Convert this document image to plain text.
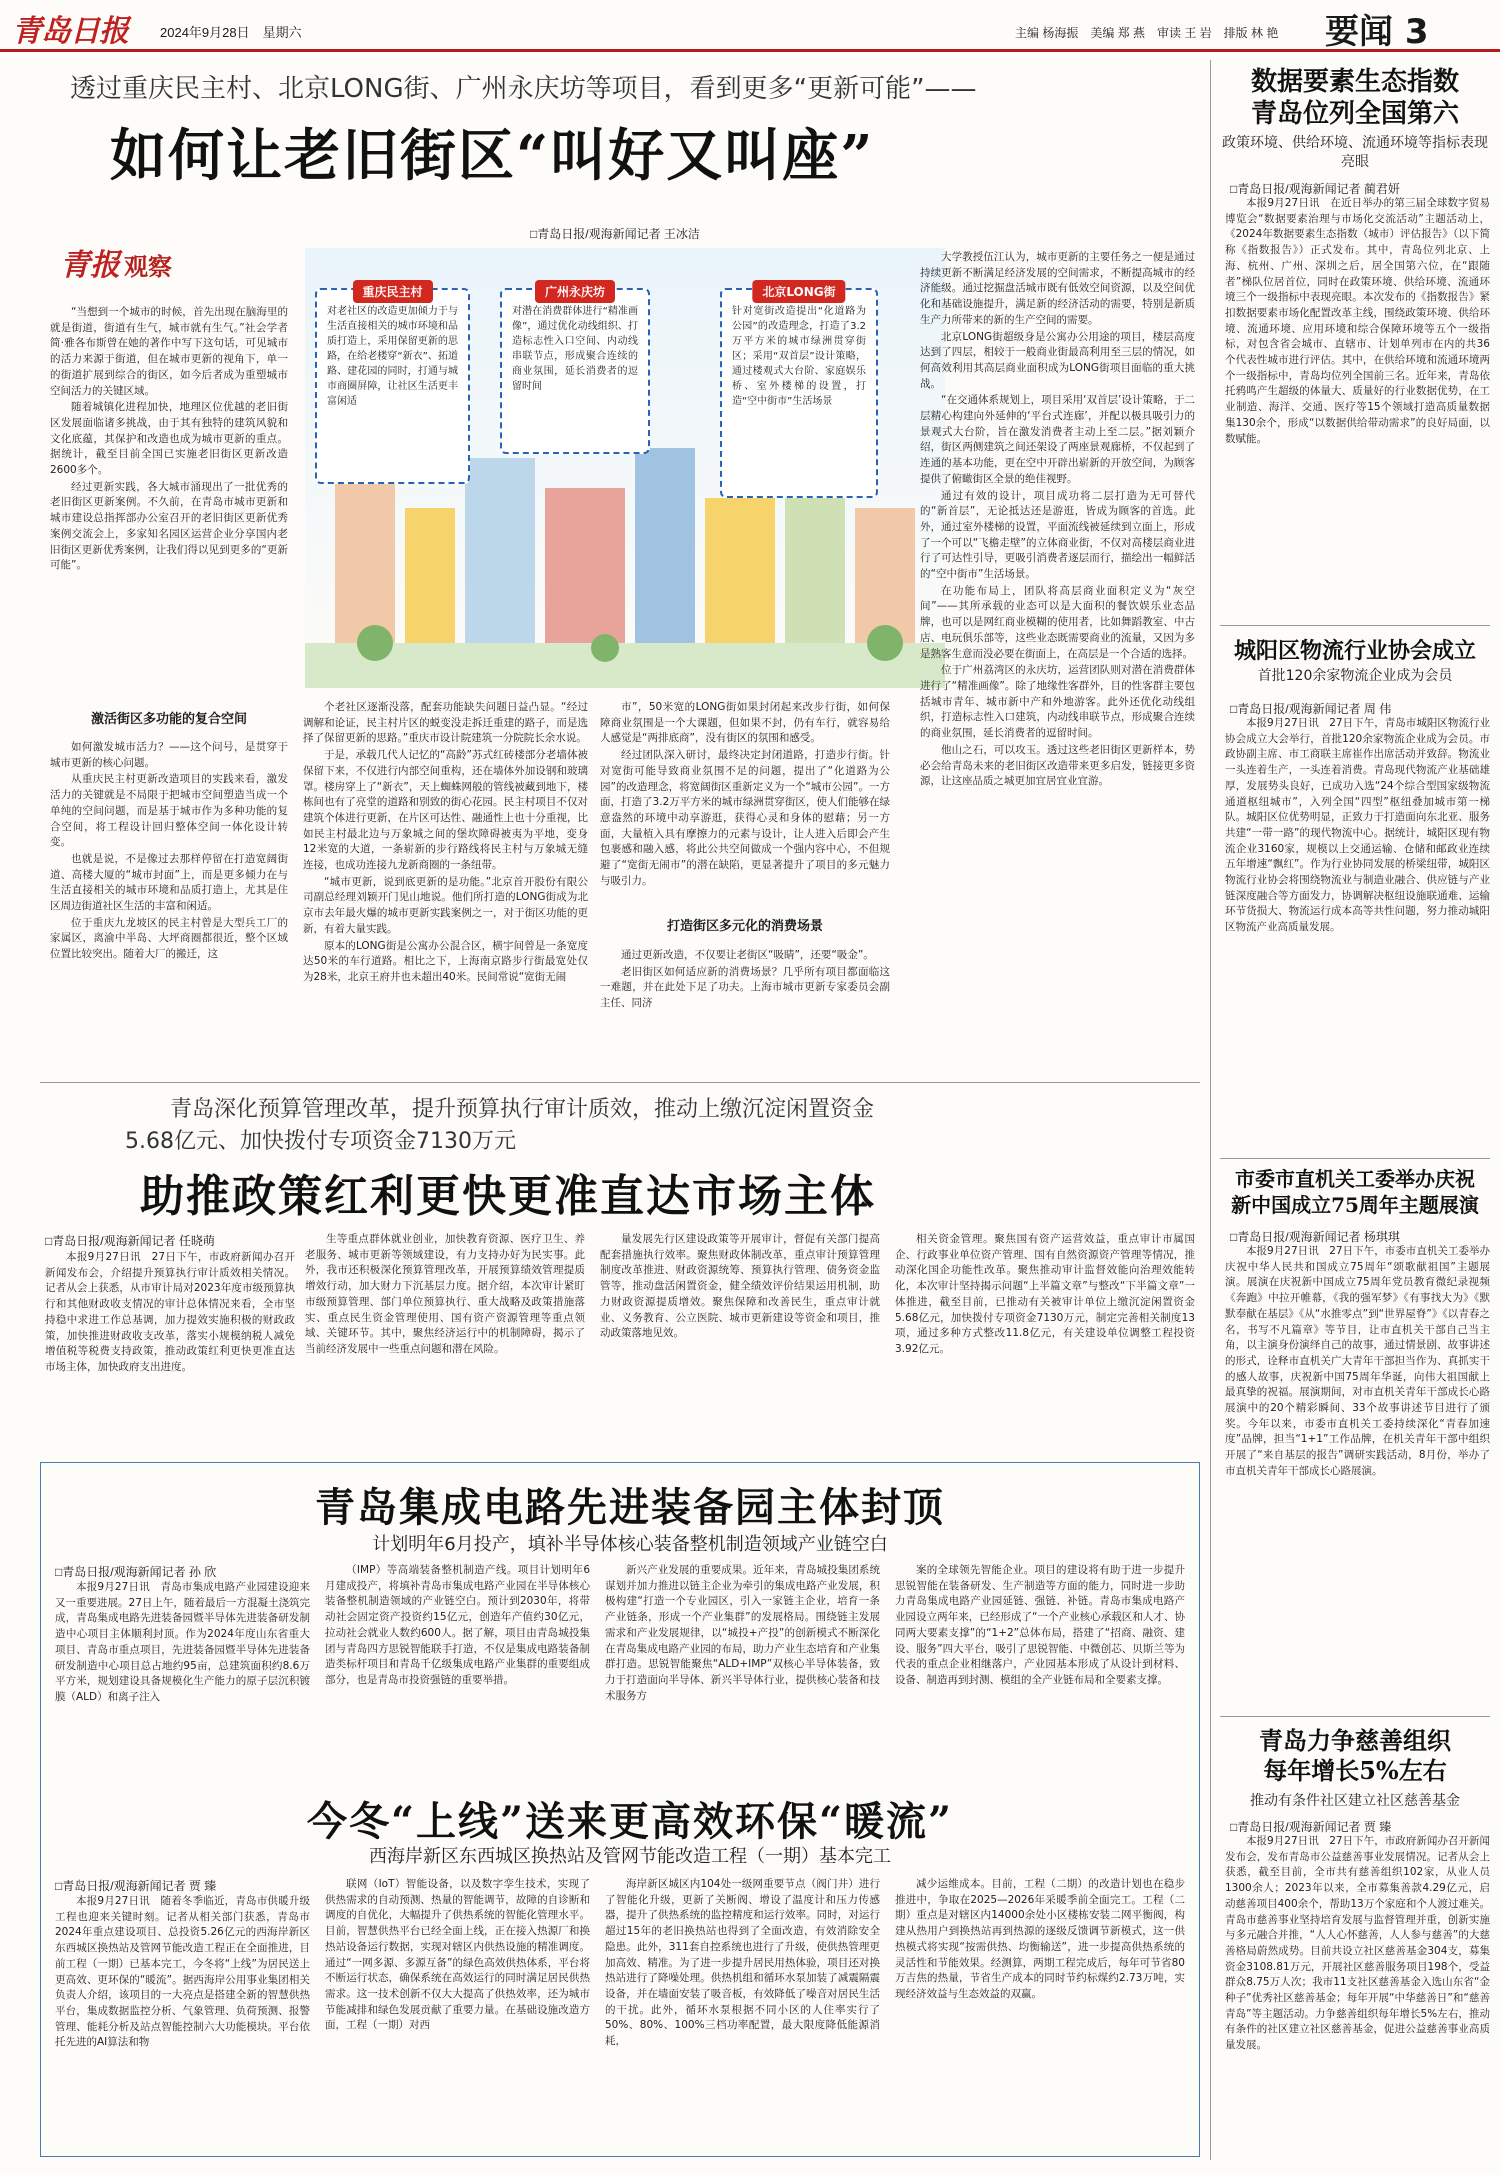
青岛日报 2024年9月28日　星期六	主编 杨海振　美编 郑 燕　审读 王 岩　排版 林 艳 要闻 3
透过重庆民主村、北京LONG街、广州永庆坊等项目，看到更多“更新可能”——
如何让老旧街区“叫好又叫座”
□青岛日报/观海新闻记者 王冰洁
青报 观察
重庆民主村
对老社区的改造更加倾力于与生活直接相关的城市环境和品质打造上，采用保留更新的思路，在给老楼穿“新衣”、拓道路、建花园的同时，打通与城市商圈屏障，让社区生活更丰富闲适
广州永庆坊
对潜在消费群体进行“精准画像”，通过优化动线组织、打造标志性入口空间、内动线串联节点，形成聚合连续的商业氛围，延长消费者的逗留时间
北京LONG街
针对宽街改造提出“化道路为公园”的改造理念，打造了3.2万平方米的城市绿洲贯穿街区；采用“双首层”设计策略，通过楼观式大台阶、家庭娱乐桥、室外楼梯的设置，打造“空中街市”生活场景

“当想到一个城市的时候，首先出现在脑海里的就是街道，街道有生气，城市就有生气。”社会学者简·雅各布斯曾在她的著作中写下这句话，可见城市的活力来源于街道，但在城市更新的视角下，单一的街道扩展到综合的街区，如今后者成为重塑城市空间活力的关键区域。

随着城镇化进程加快，地理区位优越的老旧街区发展面临诸多挑战，由于其有独特的建筑风貌和文化底蕴，其保护和改造也成为城市更新的重点。据统计，截至目前全国已实施老旧街区更新改造2600多个。

经过更新实践，各大城市涌现出了一批优秀的老旧街区更新案例。不久前，在青岛市城市更新和城市建设总指挥部办公室召开的老旧街区更新优秀案例交流会上，多家知名园区运营企业分享国内老旧街区更新优秀案例，让我们得以见到更多的“更新可能”。

激活街区多功能的复合空间

如何激发城市活力？——这个问号，是贯穿于城市更新的核心问题。

从重庆民主村更新改造项目的实践来看，激发活力的关键就是不局限于把城市空间塑造当成一个单纯的空间问题，而是基于城市作为多种功能的复合空间，将工程设计回归整体空间一体化设计转变。

也就是说，不是像过去那样停留在打造宽阔街道、高楼大厦的“城市封面”上，而是更多倾力在与生活直接相关的城市环境和品质打造上，尤其是住区周边街道社区生活的丰富和闲适。

位于重庆九龙坡区的民主村曾是大型兵工厂的家属区，离渝中半岛、大坪商圈都很近，整个区域位置比较突出。随着大厂的搬迁，这

个老社区逐渐没落，配套功能缺失问题日益凸显。“经过调解和论证，民主村片区的蜕变没走拆迁重建的路子，而是选择了保留更新的思路。”重庆市设计院建筑一分院院长余水说。

于是，承载几代人记忆的“高龄”苏式红砖楼部分老墙体被保留下来，不仅进行内部空间重构，还在墙体外加设钢和玻璃罩。楼房穿上了“新衣”，天上蜘蛛网般的管线被藏到地下，楼栋间也有了亮堂的道路和别致的街心花园。民主村项目不仅对建筑个体进行更新，在片区可达性、融通性上也十分重视，比如民主村最北边与万象城之间的堡坎障碍被夷为平地，变身12米宽的大道，一条崭新的步行路线将民主村与万象城无缝连接，也成功连接九龙新商圈的一条纽带。

“城市更新，说到底更新的是功能。”北京首开股份有限公司副总经理刘颖开门见山地说。他们所打造的LONG街成为北京市去年最火爆的城市更新实践案例之一，对于街区功能的更新，有着大量实践。

原本的LONG街是公寓办公混合区，横宇间曾是一条宽度达50米的车行道路。相比之下，上海南京路步行街最宽处仅为28米，北京王府井也未超出40米。民间常说“宽街无闹

市”，50米宽的LONG街如果封闭起来改步行街，如何保障商业氛围是一个大课题，但如果不封，仍有车行，就容易给人感觉是“两排底商”，没有街区的氛围和感受。

经过团队深入研讨，最终决定封闭道路，打造步行街。针对宽街可能导致商业氛围不足的问题，提出了“化道路为公园”的改造理念，将宽阔街区重新定义为一个“城市公园”。一方面，打造了3.2万平方米的城市绿洲贯穿街区，使人们能够在绿意盎然的环境中动享游逛，获得心灵和身体的慰藉；另一方面，大量植入具有摩擦力的元素与设计，让人进入后即会产生包裹感和融入感，将此公共空间做成一个强内容中心，不但规避了“宽街无闹市”的潜在缺陷，更显著提升了项目的多元魅力与吸引力。

打造街区多元化的消费场景

通过更新改造，不仅要让老街区“吸睛”，还要“吸金”。

老旧街区如何适应新的消费场景？几乎所有项目都面临这一难题，并在此处下足了功夫。上海市城市更新专家委员会副主任、同济

大学教授伍江认为，城市更新的主要任务之一便是通过持续更新不断满足经济发展的空间需求，不断提高城市的经济能级。通过挖掘盘活城市既有低效空间资源，以及空间优化和基础设施提升，满足新的经济活动的需要，特别是新质生产力所带来的新的生产空间的需要。

北京LONG街超级身是公寓办公用途的项目，楼层高度达到了四层，相较于一般商业街最高利用至三层的情况，如何高效利用其高层商业面积成为LONG街项目面临的重大挑战。

“在交通体系规划上，项目采用‘双首层’设计策略，于二层精心构建向外延伸的‘平台式连廊’，并配以极具吸引力的景观式大台阶，旨在激发消费者主动上至二层。”据刘颖介绍，街区两侧建筑之间还架设了两座景观廊桥，不仅起到了连通的基本功能，更在空中开辟出崭新的开放空间，为顾客提供了俯瞰街区全景的绝佳视野。

通过有效的设计，项目成功将二层打造为无可替代的“新首层”，无论抵达还是游逛，皆成为顾客的首选。此外，通过室外楼梯的设置，平面流线被延续到立面上，形成了一个可以“飞檐走壁”的立体商业街，不仅对高楼层商业进行了可达性引导，更吸引消费者逐层而行，描绘出一幅鲜活的“空中街市”生活场景。

在功能布局上，团队将高层商业面积定义为“灰空间”——其所承载的业态可以是大面积的餐饮娱乐业态品牌，也可以是网红商业模糊的使用者，比如舞蹈教室、中古店、电玩俱乐部等，这些业态既需要商业的流量，又因为多是熟客生意而没必要在街面上，在高层是一个合适的选择。

位于广州荔湾区的永庆坊，运营团队则对潜在消费群体进行了“精准画像”。除了地缘性客群外，目的性客群主要包括城市青年、城市新中产和外地游客。此外还优化动线组织，打造标志性入口建筑，内动线串联节点，形成聚合连续的商业氛围，延长消费者的逗留时间。

他山之石，可以攻玉。透过这些老旧街区更新样本，势必会给青岛未来的老旧街区改造带来更多启发，链接更多资源，让这座品质之城更加宜居宜业宜游。

青岛深化预算管理改革，提升预算执行审计质效，推动上缴沉淀闲置资金
5.68亿元、加快拨付专项资金7130万元
助推政策红利更快更准直达市场主体
□青岛日报/观海新闻记者 任晓萌

本报9月27日讯　27日下午，市政府新闻办召开新闻发布会，介绍提升预算执行审计质效相关情况。记者从会上获悉，从市审计局对2023年度市级预算执行和其他财政收支情况的审计总体情况来看，全市坚持稳中求进工作总基调，加力提效实施积极的财政政策，加快推进财政收支改革，落实小规模纳税人减免增值税等税费支持政策，推动政策红利更快更准直达市场主体，加快政府支出进度。

生等重点群体就业创业，加快教育资源、医疗卫生、养老服务、城市更新等领域建设，有力支持办好为民实事。此外，我市还积极深化预算管理改革，开展预算绩效管理提质增效行动，加大财力下沉基层力度。据介绍，本次审计紧盯市级预算管理、部门单位预算执行、重大战略及政策措施落实、重点民生资金管理使用、国有资产资源管理等重点领域、关键环节。其中，聚焦经济运行中的机制障碍，揭示了当前经济发展中一些重点问题和潜在风险。

量发展先行区建设政策等开展审计，督促有关部门提高配套措施执行效率。聚焦财政体制改革，重点审计预算管理制度改革推进、财政资源统筹、预算执行管理、债务资金监管等，推动盘活闲置资金，健全绩效评价结果运用机制，助力财政资源提质增效。聚焦保障和改善民生，重点审计就业、义务教育、公立医院、城市更新建设等资金和项目，推动政策落地见效。

相关资金管理。聚焦国有资产运营效益，重点审计市属国企、行政事业单位资产管理、国有自然资源资产管理等情况，推动深化国企功能性改革。聚焦推动审计监督效能向治理效能转化，本次审计坚持揭示问题“上半篇文章”与整改“下半篇文章”一体推进，截至目前，已推动有关被审计单位上缴沉淀闲置资金5.68亿元，加快拨付专项资金7130万元，制定完善相关制度13项，通过多种方式整改11.8亿元，有关建设单位调整工程投资3.92亿元。

青岛集成电路先进装备园主体封顶
计划明年6月投产，填补半导体核心装备整机制造领域产业链空白
□青岛日报/观海新闻记者 孙 欣

本报9月27日讯　青岛市集成电路产业园建设迎来又一重要进展。27日上午，随着最后一方混凝土浇筑完成，青岛集成电路先进装备园暨半导体先进装备研发制造中心项目主体顺利封顶。作为2024年度山东省重大项目、青岛市重点项目，先进装备园暨半导体先进装备研发制造中心项目总占地约95亩，总建筑面积约8.6万平方米，规划建设具备规模化生产能力的原子层沉积镀膜（ALD）和离子注入

（IMP）等高端装备整机制造产线。项目计划明年6月建成投产，将填补青岛市集成电路产业园在半导体核心装备整机制造领域的产业链空白。预计到2030年，将带动社会固定资产投资约15亿元，创造年产值约30亿元，拉动社会就业人数约600人。据了解，项目由青岛城投集团与青岛四方思锐智能联手打造，不仅是集成电路装备制造类标杆项目和青岛千亿级集成电路产业集群的重要组成部分，也是青岛市投资强链的重要举措。

新兴产业发展的重要成果。近年来，青岛城投集团系统谋划并加力推进以链主企业为牵引的集成电路产业发展，积极构建“打造一个专业园区，引入一家链主企业，培育一条产业链条，形成一个产业集群”的发展格局。围绕链主发展需求和产业发展规律，以“城投+产投”的创新模式不断深化在青岛集成电路产业园的布局，助力产业生态培育和产业集群打造。思锐智能聚焦“ALD+IMP”双核心半导体装备，致力于打造面向半导体、新兴半导体行业，提供核心装备和技术服务方

案的全球领先智能企业。项目的建设将有助于进一步提升思锐智能在装备研发、生产制造等方面的能力，同时进一步助力青岛集成电路产业园延链、强链、补链。青岛市集成电路产业园设立两年来，已经形成了“一个产业核心承载区和人才、协同两大要素支撑”的“1+2”总体布局，搭建了“招商、融资、建设、服务”四大平台，吸引了思锐智能、中微创芯、贝斯兰等为代表的重点企业相继落户，产业园基本形成了从设计到材料、设备、制造再到封测、模组的全产业链布局和全要素支撑。

今冬“上线”送来更高效环保“暖流”
西海岸新区东西城区换热站及管网节能改造工程（一期）基本完工
□青岛日报/观海新闻记者 贾 臻

本报9月27日讯　随着冬季临近，青岛市供暖升级工程也迎来关键时刻。记者从相关部门获悉，青岛市2024年重点建设项目、总投资5.26亿元的西海岸新区东西城区换热站及管网节能改造工程正在全面推进，目前工程（一期）已基本完工，今冬将“上线”为居民送上更高效、更环保的“暖流”。据西海岸公用事业集团相关负责人介绍，该项目的一大亮点是搭建全新的智慧供热平台，集成数据监控分析、气象管理、负荷预测、报警管理、能耗分析及站点智能控制六大功能模块。平台依托先进的AI算法和物

联网（IoT）智能设备，以及数字孪生技术，实现了供热需求的自动预测、热量的智能调节，故障的自诊断和调度的自优化，大幅提升了供热系统的智能化管理水平。目前，智慧供热平台已经全面上线，正在接入热源厂和换热站设备运行数据，实现对辖区内供热设施的精准调度。通过“一网多源、多源互备”的绿色高效供热体系，平台将不断运行状态，确保系统在高效运行的同时满足居民供热需求。这一技术创新不仅大大提高了供热效率，还为城市节能减排和绿色发展贡献了重要力量。在基础设施改造方面，工程（一期）对西

海岸新区城区内104处一级网重要节点（阀门井）进行了智能化升级，更新了关断阀、增设了温度计和压力传感器，提升了供热系统的监控精度和运行效率。同时，对运行超过15年的老旧换热站也得到了全面改造，有效消除安全隐患。此外，311套自控系统也进行了升级，使供热管理更加高效、精准。为了进一步提升居民用热体验，项目还对换热站进行了降噪处理。供热机组和循环水泵加装了减震隔震设备，并在墙面安装了吸音板，有效降低了噪音对居民生活的干扰。此外，循环水泵根据不同小区的人住率实行了50%、80%、100%三档功率配置，最大限度降低能源消耗，

减少运维成本。目前，工程（二期）的改造计划也在稳步推进中，争取在2025—2026年采暖季前全面完工。工程（二期）重点是对辖区内14000余处小区楼栋安装二网平衡阀，构建从热用户到换热站再到热源的逐级反馈调节新模式，这一供热模式将实现“按需供热、均衡输送”，进一步提高供热系统的灵活性和节能效果。经测算，两期工程完成后，每年可节省80万吉焦的热量，节省生产成本的同时节约标煤约2.73万吨，实现经济效益与生态效益的双赢。

数据要素生态指数
青岛位列全国第六
政策环境、供给环境、流通环境等指标表现亮眼
□青岛日报/观海新闻记者 蔺君妍

本报9月27日讯　在近日举办的第三届全球数字贸易博览会“数据要素治理与市场化交流活动”主题活动上，《2024年数据要素生态指数（城市）评估报告》（以下简称《指数报告》）正式发布。其中，青岛位列北京、上海、杭州、广州、深圳之后，居全国第六位，在“跟随者”梯队位居首位，同时在政策环境、供给环境、流通环境三个一级指标中表现亮眼。本次发布的《指数报告》紧扣数据要素市场化配置改革主线，围绕政策环境、供给环境、流通环境、应用环境和综合保障环境等五个一级指标，对包含省会城市、直辖市、计划单列市在内的共36个代表性城市进行评估。其中，在供给环境和流通环境两个一级指标中，青岛均位列全国前三名。近年来，青岛依托鸦鸣产生超级的体量大、质量好的行业数据优势，在工业制造、海洋、交通、医疗等15个领域打造高质量数据集130余个，形成“以数据供给带动需求”的良好局面，以数赋能。

城阳区物流行业协会成立
首批120余家物流企业成为会员
□青岛日报/观海新闻记者 周 伟

本报9月27日讯　27日下午，青岛市城阳区物流行业协会成立大会举行，首批120余家物流企业成为会员。市政协副主席、市工商联主席崔作出席活动并致辞。物流业一头连着生产，一头连着消费。青岛现代物流产业基础雄厚，发展势头良好，已成功入选“24个综合型国家级物流通道枢纽城市”，入列全国“四型”枢纽叠加城市第一梯队。城阳区位优势明显，正致力于打造面向东北亚、服务共建“一带一路”的现代物流中心。据统计，城阳区现有物流企业3160家，规模以上交通运输、仓储和邮政业连续五年增速“飘红”。作为行业协同发展的桥梁纽带，城阳区物流行业协会将围绕物流业与制造业融合、供应链与产业链深度融合等方面发力，协调解决枢纽设施联通难、运输环节货损大、物流运行成本高等共性问题，努力推动城阳区物流产业高质量发展。

市委市直机关工委举办庆祝
新中国成立75周年主题展演
□青岛日报/观海新闻记者 杨琪琪

本报9月27日讯　27日下午，市委市直机关工委举办庆祝中华人民共和国成立75周年“颂歌献祖国”主题展演。展演在庆祝新中国成立75周年党员教育微纪录视频《奔跑》中拉开帷幕，《我的强军梦》《有事找大为》《默默奉献在基层》《从“水推零点”到“世界屋脊”》《以青春之名，书写不凡篇章》等节目，让市直机关干部自己当主角，以主演身份演绎自己的故事，通过情景剧、故事讲述的形式，诠释市直机关广大青年干部担当作为、真抓实干的感人故事，庆祝新中国75周年华诞，向伟大祖国献上最真挚的祝福。展演期间，对市直机关青年干部成长心路展演中的20个精彩瞬间、33个故事讲述节目进行了颁奖。今年以来，市委市直机关工委持续深化“青春加速度”品牌，担当“1+1”工作品牌，在机关青年干部中组织开展了“来自基层的报告”调研实践活动，8月份，举办了市直机关青年干部成长心路展演。

青岛力争慈善组织
每年增长5%左右
推动有条件社区建立社区慈善基金
□青岛日报/观海新闻记者 贾 臻

本报9月27日讯　27日下午，市政府新闻办召开新闻发布会，发布青岛市公益慈善事业发展情况。记者从会上获悉，截至目前，全市共有慈善组织102家，从业人员1300余人；2023年以来，全市募集善款4.29亿元，启动慈善项目400余个，帮助13万个家庭和个人渡过难关。青岛市慈善事业坚持培育发展与监督管理并重，创新实施与多元融合并推，“人人心怀慈善，人人参与慈善”的大慈善格局蔚然成势。目前共设立社区慈善基金304支，募集资金3108.81万元，开展社区慈善服务项目198个，受益群众8.75万人次；我市11支社区慈善基金入选山东省“金种子”优秀社区慈善基金；每年开展“中华慈善日”和“慈善青岛”等主题活动。力争慈善组织每年增长5%左右，推动有条件的社区建立社区慈善基金，促进公益慈善事业高质量发展。
